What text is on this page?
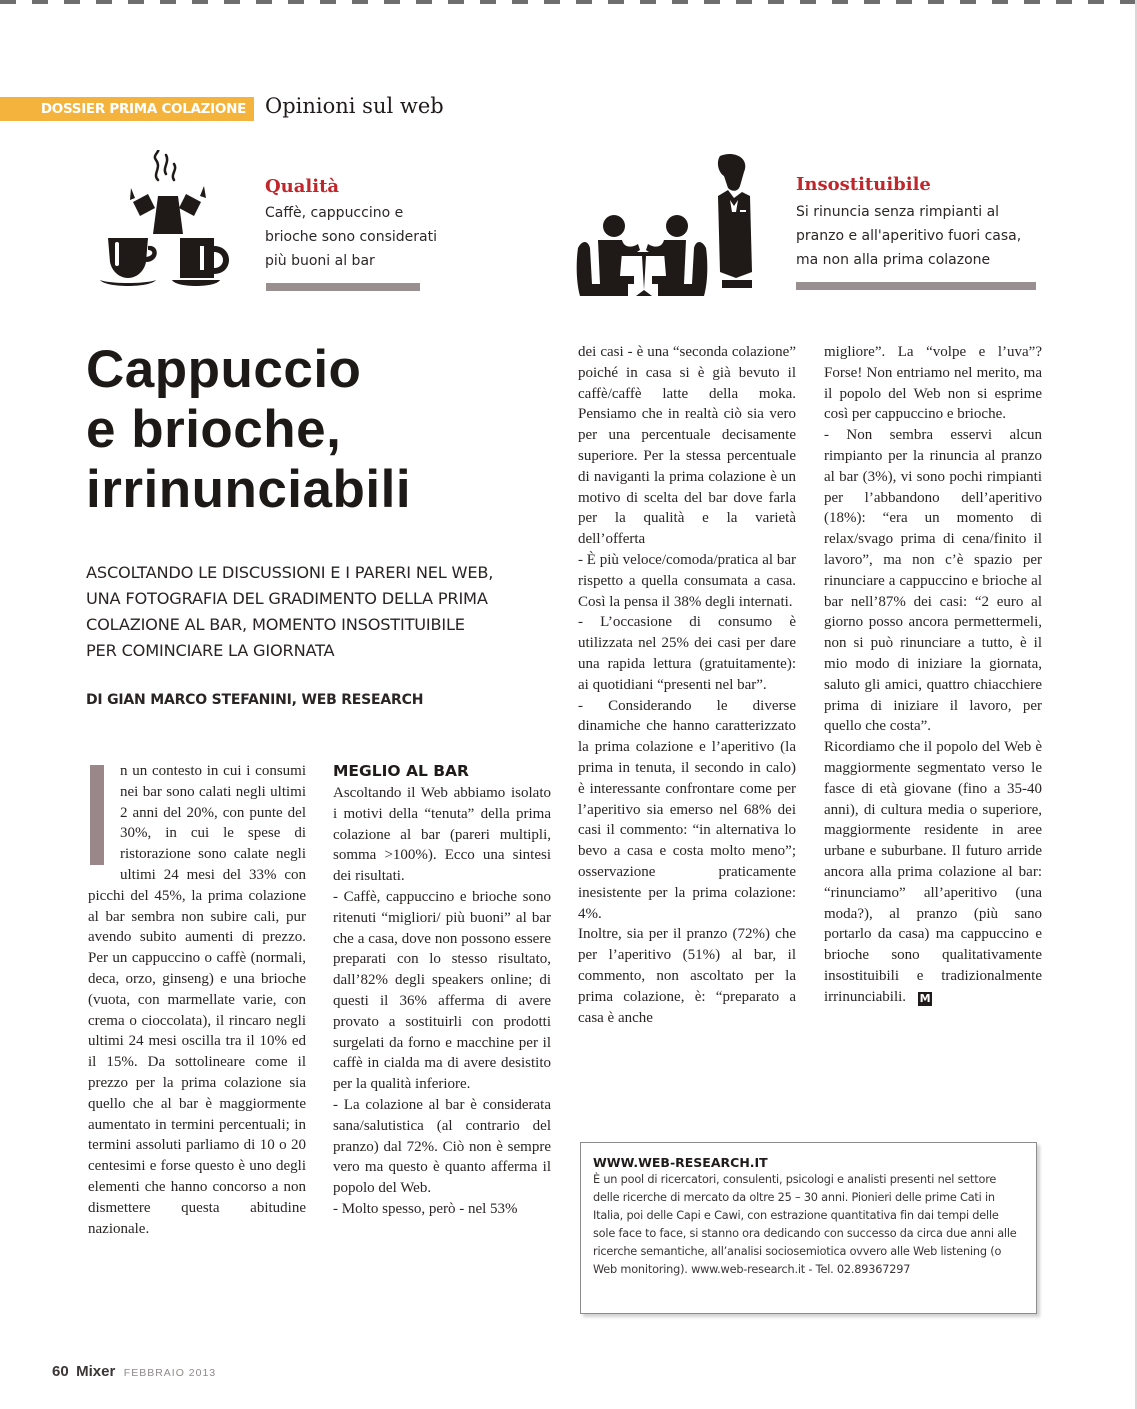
DOSSIER PRIMA COLAZIONE Opinioni sul web
Qualità
Caffè, cappuccino e
brioche sono considerati
più buoni al bar
Insostituibile
Si rinuncia senza rimpianti al
pranzo e all'aperitivo fuori casa,
ma non alla prima colazone
Cappuccio
e brioche,
irrinunciabili
ASCOLTANDO LE DISCUSSIONI E I PARERI NEL WEB,
UNA FOTOGRAFIA DEL GRADIMENTO DELLA PRIMA
COLAZIONE AL BAR, MOMENTO INSOSTITUIBILE
PER COMINCIARE LA GIORNATA
DI GIAN MARCO STEFANINI, WEB RESEARCH

n un contesto in cui i consumi nei bar sono calati negli ultimi 2 anni del 20%, con punte del 30%, in cui le spese di ristorazione sono calate negli ultimi 24 mesi del 33% con picchi del 45%, la prima colazione al bar sembra non subire cali, pur avendo subito aumenti di prezzo. Per un cappuccino o caffè (normali, deca, orzo, ginseng) e una brioche (vuota, con marmellate varie, con crema o cioccolata), il rincaro negli ultimi 24 mesi oscilla tra il 10% ed il 15%. Da sottolineare come il prezzo per la prima colazione sia quello che al bar è maggiormente aumentato in termini percentuali; in termini assoluti parliamo di 10 o 20 centesimi e forse questo è uno degli elementi che hanno concorso a non dismettere questa abitudine nazionale.

MEGLIO AL BAR

Ascoltando il Web abbiamo isolato i motivi della “tenuta” della prima colazione al bar (pareri multipli, somma >100%). Ecco una sintesi dei risultati.

- Caffè, cappuccino e brioche sono ritenuti “migliori/ più buoni” al bar che a casa, dove non possono essere preparati con lo stesso risultato, dall’82% degli speakers online; di questi il 36% afferma di avere provato a sostituirli con prodotti surgelati da forno e macchine per il caffè in cialda ma di avere desistito per la qualità inferiore.

- La colazione al bar è considerata sana/salutistica (al contrario del pranzo) dal 72%. Ciò non è sempre vero ma questo è quanto afferma il popolo del Web.

- Molto spesso, però - nel 53%

dei casi - è una “seconda colazione” poiché in casa si è già bevuto il caffè/caffè latte della moka. Pensiamo che in realtà ciò sia vero per una percentuale decisamente superiore. Per la stessa percentuale di naviganti la prima colazione è un motivo di scelta del bar dove farla per la qualità e la varietà dell’offerta

- È più veloce/comoda/pratica al bar rispetto a quella consumata a casa. Così la pensa il 38% degli internati.

- L’occasione di consumo è utilizzata nel 25% dei casi per dare una rapida lettura (gratuitamente): ai quotidiani “presenti nel bar”.

- Considerando le diverse dinamiche che hanno caratterizzato la prima colazione e l’aperitivo (la prima in tenuta, il secondo in calo) è interessante confrontare come per l’aperitivo sia emerso nel 68% dei casi il commento: “in alternativa lo bevo a casa e costa molto meno”; osservazione praticamente inesistente per la prima colazione: 4%.

Inoltre, sia per il pranzo (72%) che per l’aperitivo (51%) al bar, il commento, non ascoltato per la prima colazione, è: “preparato a casa è anche

migliore”. La “volpe e l’uva”? Forse! Non entriamo nel merito, ma il popolo del Web non si esprime così per cappuccino e brioche.

- Non sembra esservi alcun rimpianto per la rinuncia al pranzo al bar (3%), vi sono pochi rimpianti per l’abbandono dell’aperitivo (18%): “era un momento di relax/svago prima di cena/finito il lavoro”, ma non c’è spazio per rinunciare a cappuccino e brioche al bar nell’87% dei casi: “2 euro al giorno posso ancora permettermeli, non si può rinunciare a tutto, è il mio modo di iniziare la giornata, saluto gli amici, quattro chiacchiere prima di iniziare il lavoro, per quello che costa”.

Ricordiamo che il popolo del Web è maggiormente segmentato verso le fasce di età giovane (fino a 35-40 anni), di cultura media o superiore, maggiormente residente in aree urbane e suburbane. Il futuro arride ancora alla prima colazione al bar: “rinunciamo” all’aperitivo (una moda?), al pranzo (più sano portarlo da casa) ma cappuccino e brioche sono qualitativamente insostituibili e tradizionalmente irrinunciabili. M

WWW.WEB-RESEARCH.IT
È un pool di ricercatori, consulenti, psicologi e analisti presenti nel settore delle ricerche di mercato da oltre 25 – 30 anni. Pionieri delle prime Cati in Italia, poi delle Capi e Cawi, con estrazione quantitativa fin dai tempi delle sole face to face, si stanno ora dedicando con successo da circa due anni alle ricerche semantiche, all’analisi sociosemiotica ovvero alle Web listening (o Web monitoring). www.web-research.it - Tel. 02.89367297
60 Mixer FEBBRAIO 2013
